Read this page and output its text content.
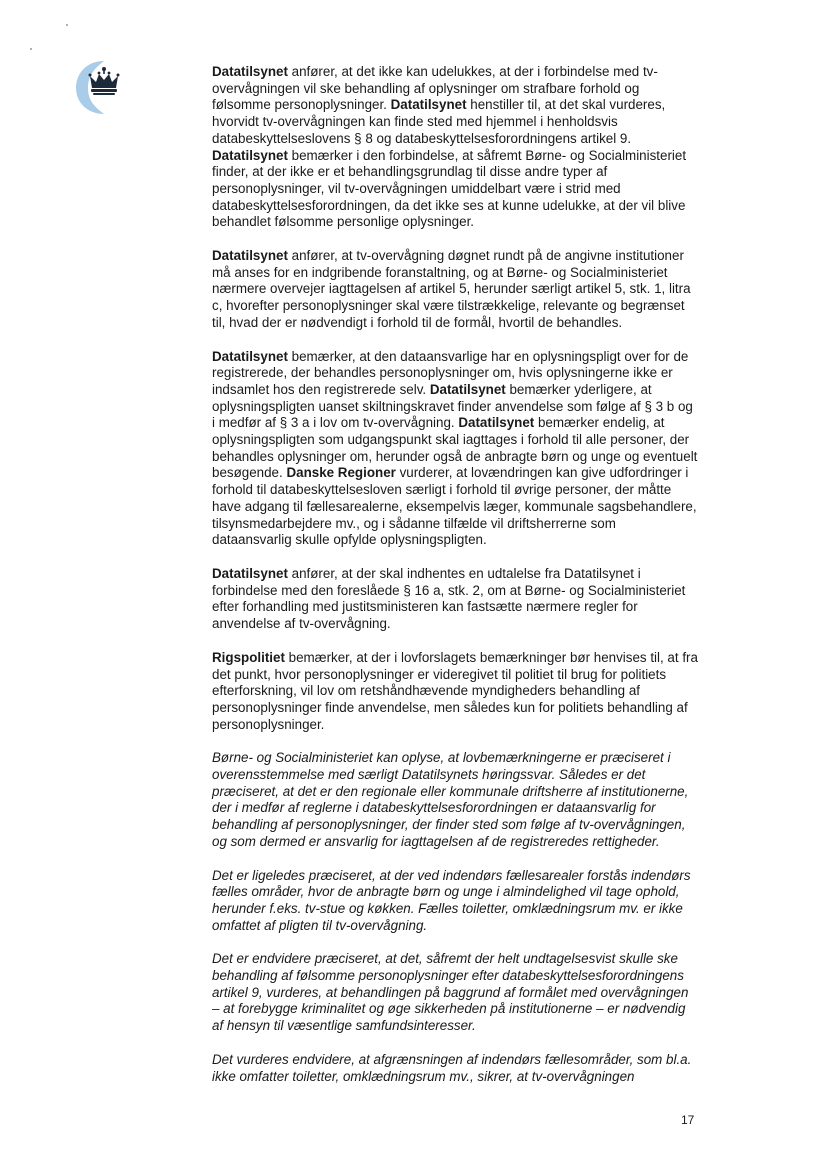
Datatilsynet anfører, at det ikke kan udelukkes, at der i forbindelse med tv-overvågningen vil ske behandling af oplysninger om strafbare forhold og følsomme personoplysninger. Datatilsynet henstiller til, at det skal vurderes, hvorvidt tv-overvågningen kan finde sted med hjemmel i henholdsvis databeskyttelseslovens § 8 og databeskyttelsesforordningens artikel 9. Datatilsynet bemærker i den forbindelse, at såfremt Børne- og Socialministeriet finder, at der ikke er et behandlingsgrundlag til disse andre typer af personoplysninger, vil tv-overvågningen umiddelbart være i strid med databeskyttelsesforordningen, da det ikke ses at kunne udelukke, at der vil blive behandlet følsomme personlige oplysninger.

Datatilsynet anfører, at tv-overvågning døgnet rundt på de angivne institutioner må anses for en indgribende foranstaltning, og at Børne- og Socialministeriet nærmere overvejer iagttagelsen af artikel 5, herunder særligt artikel 5, stk. 1, litra c, hvorefter personoplysninger skal være tilstrækkelige, relevante og begrænset til, hvad der er nødvendigt i forhold til de formål, hvortil de behandles.

Datatilsynet bemærker, at den dataansvarlige har en oplysningspligt over for de registrerede, der behandles personoplysninger om, hvis oplysningerne ikke er indsamlet hos den registrerede selv. Datatilsynet bemærker yderligere, at oplysningspligten uanset skiltningskravet finder anvendelse som følge af § 3 b og i medfør af § 3 a i lov om tv-overvågning. Datatilsynet bemærker endelig, at oplysningspligten som udgangspunkt skal iagttages i forhold til alle personer, der behandles oplysninger om, herunder også de anbragte børn og unge og eventuelt besøgende. Danske Regioner vurderer, at lovændringen kan give udfordringer i forhold til databeskyttelsesloven særligt i forhold til øvrige personer, der måtte have adgang til fællesarealerne, eksempelvis læger, kommunale sagsbehandlere, tilsynsmedarbejdere mv., og i sådanne tilfælde vil driftsherrerne som dataansvarlig skulle opfylde oplysningspligten.

Datatilsynet anfører, at der skal indhentes en udtalelse fra Datatilsynet i forbindelse med den foreslåede § 16 a, stk. 2, om at Børne- og Socialministeriet efter forhandling med justitsministeren kan fastsætte nærmere regler for anvendelse af tv-overvågning.

Rigspolitiet bemærker, at der i lovforslagets bemærkninger bør henvises til, at fra det punkt, hvor personoplysninger er videregivet til politiet til brug for politiets efterforskning, vil lov om retshåndhævende myndigheders behandling af personoplysninger finde anvendelse, men således kun for politiets behandling af personoplysninger.

Børne- og Socialministeriet kan oplyse, at lovbemærkningerne er præciseret i overensstemmelse med særligt Datatilsynets høringssvar. Således er det præciseret, at det er den regionale eller kommunale driftsherre af institutionerne, der i medfør af reglerne i databeskyttelsesforordningen er dataansvarlig for behandling af personoplysninger, der finder sted som følge af tv-overvågningen, og som dermed er ansvarlig for iagttagelsen af de registreredes rettigheder.

Det er ligeledes præciseret, at der ved indendørs fællesarealer forstås indendørs fælles områder, hvor de anbragte børn og unge i almindelighed vil tage ophold, herunder f.eks. tv-stue og køkken. Fælles toiletter, omklædningsrum mv. er ikke omfattet af pligten til tv-overvågning.

Det er endvidere præciseret, at det, såfremt der helt undtagelsesvist skulle ske behandling af følsomme personoplysninger efter databeskyttelsesforordningens artikel 9, vurderes, at behandlingen på baggrund af formålet med overvågningen – at forebygge kriminalitet og øge sikkerheden på institutionerne – er nødvendig af hensyn til væsentlige samfundsinteresser.

Det vurderes endvidere, at afgrænsningen af indendørs fællesområder, som bl.a. ikke omfatter toiletter, omklædningsrum mv., sikrer, at tv-overvågningen

17
